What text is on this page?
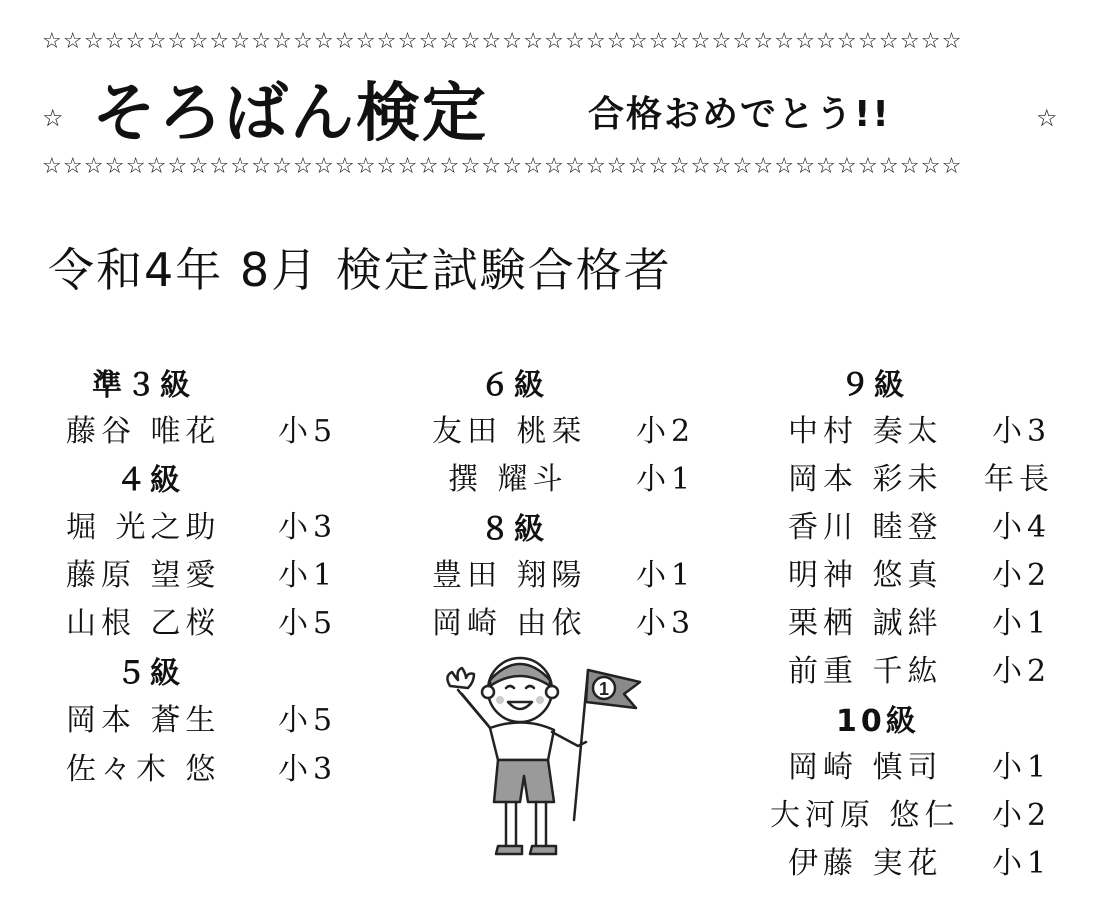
☆☆☆☆☆☆☆☆☆☆☆☆☆☆☆☆☆☆☆☆☆☆☆☆☆☆☆☆☆☆☆☆☆☆☆☆☆☆☆☆☆☆☆☆
☆ そろばん検定	合格おめでとう!!	☆
☆☆☆☆☆☆☆☆☆☆☆☆☆☆☆☆☆☆☆☆☆☆☆☆☆☆☆☆☆☆☆☆☆☆☆☆☆☆☆☆☆☆☆☆
令和4年 8月 検定試験合格者
準３級
藤谷 唯花 小5
４級
堀 光之助 小3
藤原 望愛 小1
山根 乙桜 小5
５級
岡本 蒼生 小5
佐々木 悠 小3
６級
友田 桃栞 小2
撰 耀斗 小1
８級
豊田 翔陽 小1
岡崎 由依 小3
９級
中村 奏太 小3
岡本 彩未 年長
香川 睦登 小4
明神 悠真 小2
栗栖 誠絆 小1
前重 千紘 小2
10級
岡崎 慎司 小1
大河原 悠仁 小2
伊藤 実花 小1
1
